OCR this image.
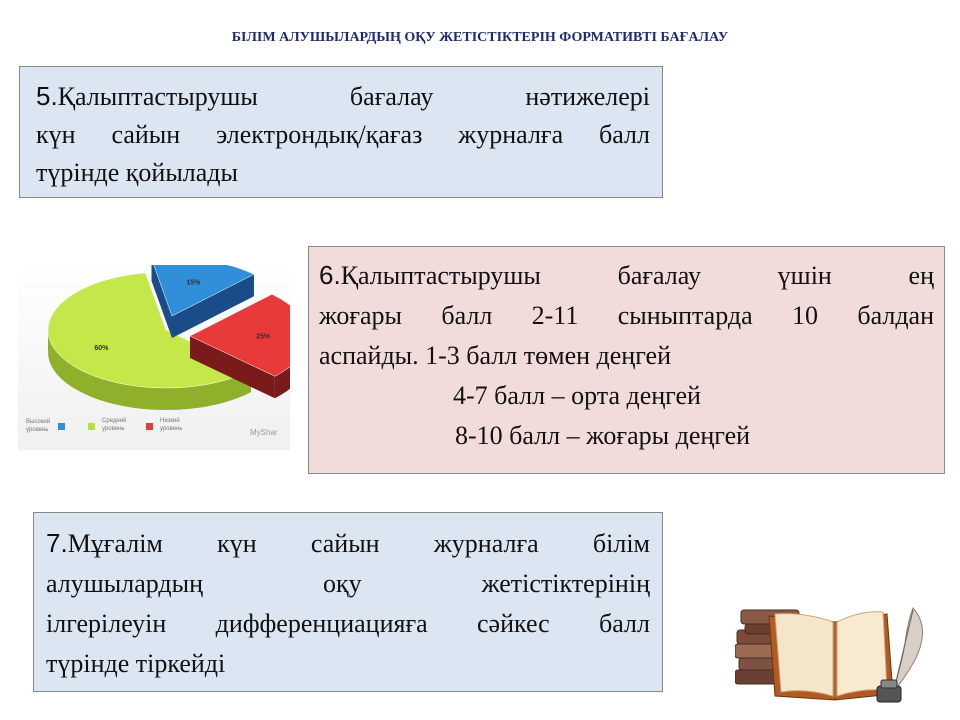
БІЛІМ АЛУШЫЛАРДЫҢ ОҚУ ЖЕТІСТІКТЕРІН ФОРМАТИВТІ БАҒАЛАУ

5.Қалыптастырушы бағалау нәтижелері

күн сайын электрондық/қағаз журналға балл

түрінде қойылады

60%
15%
25%
Высокий
уровень
Средний
уровень
Низкий
уровень	MyShar

6.Қалыптастырушы бағалау үшін ең

жоғары балл 2-11 сыныптарда 10 балдан

аспайды. 1-3 балл төмен деңгей

4-7 балл – орта деңгей

8-10 балл – жоғары деңгей

7.Мұғалім күн сайын журналға білім

алушылардың оқу жетістіктерінің

ілгерілеуін дифференциацияға сәйкес балл

түрінде тіркейді
